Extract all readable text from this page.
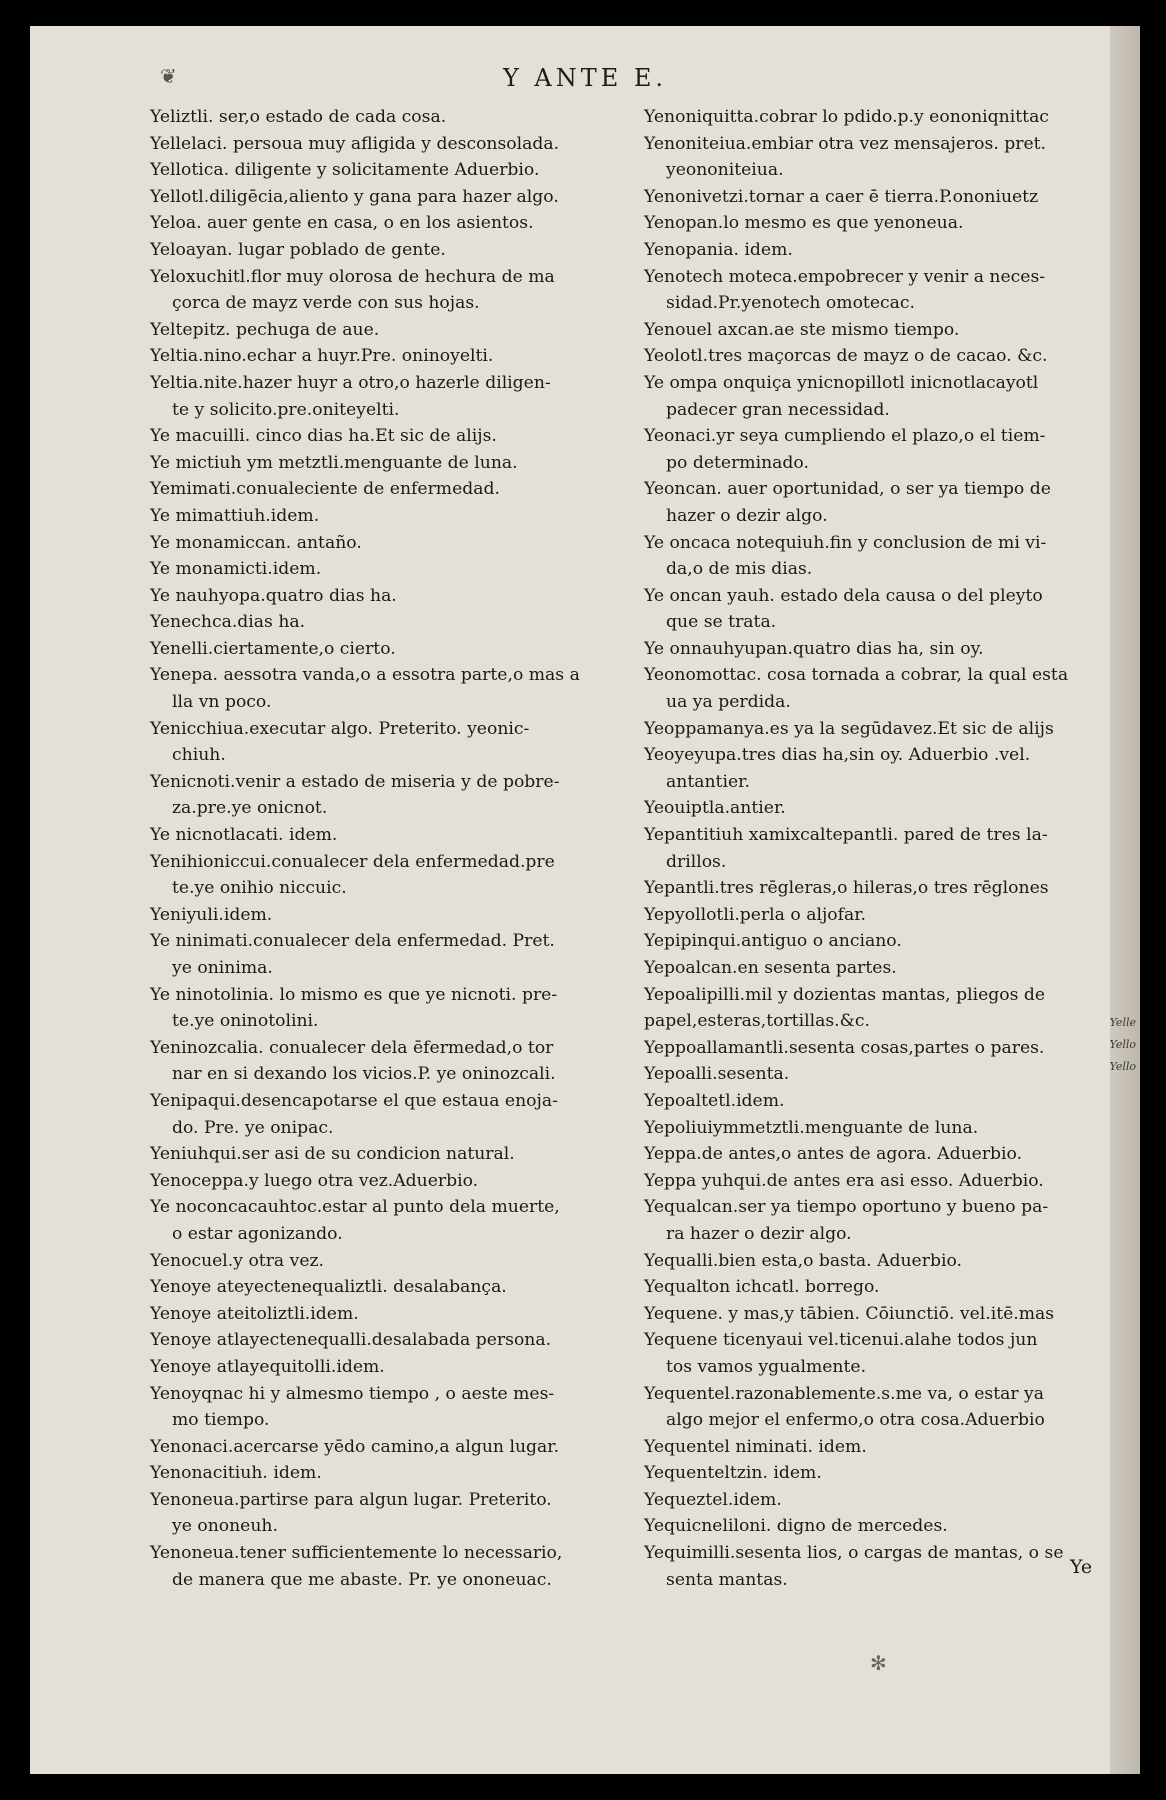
❦	Y ANTE E.
Yeliztli. ser,o estado de cada cosa.
Yellelaci. persoua muy afligida y desconsolada.
Yellotica. diligente y solicitamente Aduerbio.
Yellotl.diligēcia,aliento y gana para hazer algo.
Yeloa. auer gente en casa, o en los asientos.
Yeloayan. lugar poblado de gente.
Yeloxuchitl.flor muy olorosa de hechura de ma
çorca de mayz verde con sus hojas.
Yeltepitz. pechuga de aue.
Yeltia.nino.echar a huyr.Pre. oninoyelti.
Yeltia.nite.hazer huyr a otro,o hazerle diligen-
te y solicito.pre.oniteyelti.
Ye macuilli. cinco dias ha.Et sic de alijs.
Ye mictiuh ym metztli.menguante de luna.
Yemimati.conualeciente de enfermedad.
Ye mimattiuh.idem.
Ye monamiccan. antaño.
Ye monamicti.idem.
Ye nauhyopa.quatro dias ha.
Yenechca.dias ha.
Yenelli.ciertamente,o cierto.
Yenepa. aessotra vanda,o a essotra parte,o mas a
lla vn poco.
Yenicchiua.executar algo. Preterito. yeonic-
chiuh.
Yenicnoti.venir a estado de miseria y de pobre-
za.pre.ye onicnot.
Ye nicnotlacati. idem.
Yenihioniccui.conualecer dela enfermedad.pre
te.ye onihio niccuic.
Yeniyuli.idem.
Ye ninimati.conualecer dela enfermedad. Pret.
ye oninima.
Ye ninotolinia. lo mismo es que ye nicnoti. pre-
te.ye oninotolini.
Yeninozcalia. conualecer dela ēfermedad,o tor
nar en si dexando los vicios.P. ye oninozcali.
Yenipaqui.desencapotarse el que estaua enoja-
do. Pre. ye onipac.
Yeniuhqui.ser asi de su condicion natural.
Yenoceppa.y luego otra vez.Aduerbio.
Ye noconcacauhtoc.estar al punto dela muerte,
o estar agonizando.
Yenocuel.y otra vez.
Yenoye ateyectenequaliztli. desalabança.
Yenoye ateitoliztli.idem.
Yenoye atlayectenequalli.desalabada persona.
Yenoye atlayequitolli.idem.
Yenoyqnac hi y almesmo tiempo , o aeste mes-
mo tiempo.
Yenonaci.acercarse yēdo camino,a algun lugar.
Yenonacitiuh. idem.
Yenoneua.partirse para algun lugar. Preterito.
ye ononeuh.
Yenoneua.tener sufficientemente lo necessario,
de manera que me abaste. Pr. ye ononeuac.
Yenoniquitta.cobrar lo pdido.p.y eononiqnittac
Yenoniteiua.embiar otra vez mensajeros. pret.
yeononiteiua.
Yenonivetzi.tornar a caer ē tierra.P.ononiuetz
Yenopan.lo mesmo es que yenoneua.
Yenopania. idem.
Yenotech moteca.empobrecer y venir a neces-
sidad.Pr.yenotech omotecac.
Yenouel axcan.ae ste mismo tiempo.
Yeolotl.tres maçorcas de mayz o de cacao. &c.
Ye ompa onquiça ynicnopillotl inicnotlacayotl
padecer gran necessidad.
Yeonaci.yr seya cumpliendo el plazo,o el tiem-
po determinado.
Yeoncan. auer oportunidad, o ser ya tiempo de
hazer o dezir algo.
Ye oncaca notequiuh.fin y conclusion de mi vi-
da,o de mis dias.
Ye oncan yauh. estado dela causa o del pleyto
que se trata.
Ye onnauhyupan.quatro dias ha, sin oy.
Yeonomottac. cosa tornada a cobrar, la qual esta
ua ya perdida.
Yeoppamanya.es ya la segūdavez.Et sic de alijs
Yeoyeyupa.tres dias ha,sin oy. Aduerbio .vel.
antantier.
Yeouiptla.antier.
Yepantitiuh xamixcaltepantli. pared de tres la-
drillos.
Yepantli.tres rēgleras,o hileras,o tres rēglones
Yepyollotli.perla o aljofar.
Yepipinqui.antiguo o anciano.
Yepoalcan.en sesenta partes.
Yepoalipilli.mil y dozientas mantas, pliegos de
papel,esteras,tortillas.&c.
Yeppoallamantli.sesenta cosas,partes o pares.
Yepoalli.sesenta.
Yepoaltetl.idem.
Yepoliuiymmetztli.menguante de luna.
Yeppa.de antes,o antes de agora. Aduerbio.
Yeppa yuhqui.de antes era asi esso. Aduerbio.
Yequalcan.ser ya tiempo oportuno y bueno pa-
ra hazer o dezir algo.
Yequalli.bien esta,o basta. Aduerbio.
Yequalton ichcatl. borrego.
Yequene. y mas,y tābien. Cōiunctiō. vel.itē.mas
Yequene ticenyaui vel.ticenui.alahe todos jun
tos vamos ygualmente.
Yequentel.razonablemente.s.me va, o estar ya
algo mejor el enfermo,o otra cosa.Aduerbio
Yequentel niminati. idem.
Yequenteltzin. idem.
Yequeztel.idem.
Yequicneliloni. digno de mercedes.
Yequimilli.sesenta lios, o cargas de mantas, o se
senta mantas.
Ye
✻
Yelle
Yello
Yello
